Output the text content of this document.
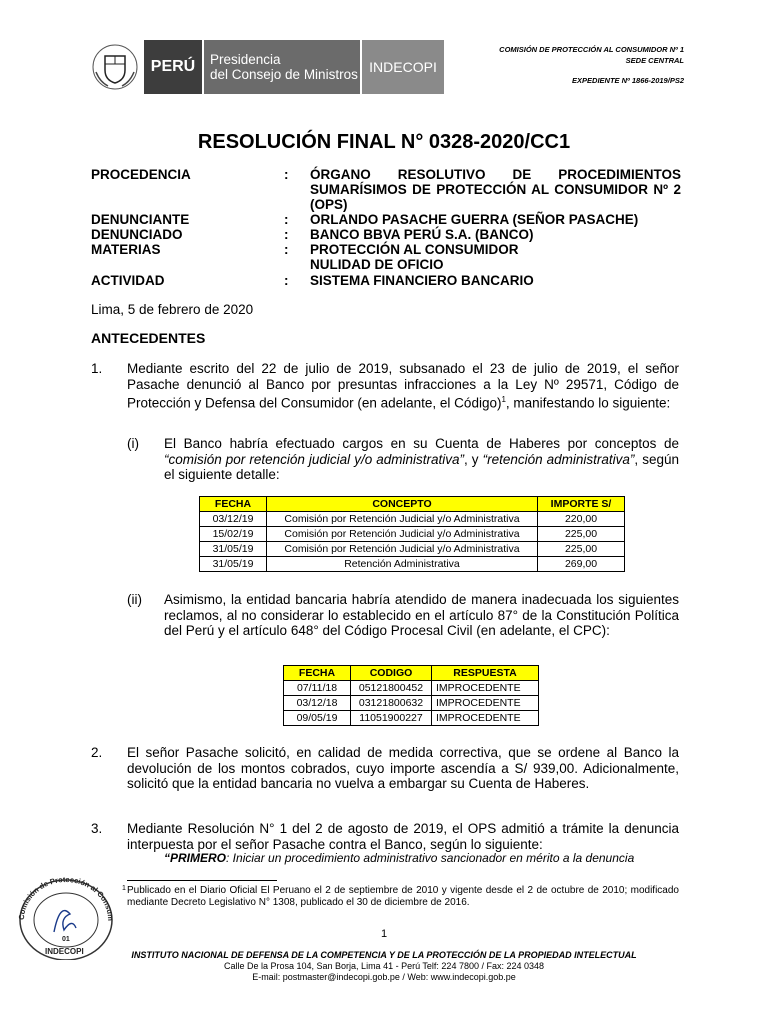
PERÚ	Presidencia
del Consejo de Ministros INDECOPI
COMISIÓN DE PROTECCIÓN AL CONSUMIDOR Nº 1
SEDE CENTRAL
EXPEDIENTE Nº 1866-2019/PS2
RESOLUCIÓN FINAL N° 0328-2020/CC1
PROCEDENCIA	:	ÓRGANO RESOLUTIVO DE PROCEDIMIENTOS SUMARÍSIMOS DE PROTECCIÓN AL CONSUMIDOR Nº 2 (OPS)
DENUNCIANTE	:	ORLANDO PASACHE GUERRA (SEÑOR PASACHE)
DENUNCIADO	:	BANCO BBVA PERÚ S.A. (BANCO)
MATERIAS	:	PROTECCIÓN AL CONSUMIDOR
NULIDAD DE OFICIO
ACTIVIDAD	:	SISTEMA FINANCIERO BANCARIO
Lima, 5 de febrero de 2020
ANTECEDENTES
1. Mediante escrito del 22 de julio de 2019, subsanado el 23 de julio de 2019, el señor Pasache denunció al Banco por presuntas infracciones a la Ley Nº 29571, Código de Protección y Defensa del Consumidor (en adelante, el Código)$^1$, manifestando lo siguiente:
(i) El Banco habría efectuado cargos en su Cuenta de Haberes por conceptos de “comisión por retención judicial y/o administrativa”, y “retención administrativa”, según el siguiente detalle:
FECHA	CONCEPTO	IMPORTE S/
03/12/19	Comisión por Retención Judicial y/o Administrativa	220,00
15/02/19	Comisión por Retención Judicial y/o Administrativa	225,00
31/05/19	Comisión por Retención Judicial y/o Administrativa	225,00
31/05/19	Retención Administrativa	269,00
(ii) Asimismo, la entidad bancaria habría atendido de manera inadecuada los siguientes reclamos, al no considerar lo establecido en el artículo 87° de la Constitución Política del Perú y el artículo 648° del Código Procesal Civil (en adelante, el CPC):
FECHA	CODIGO	RESPUESTA
07/11/18	05121800452	IMPROCEDENTE
03/12/18	03121800632	IMPROCEDENTE
09/05/19	11051900227	IMPROCEDENTE
2. El señor Pasache solicitó, en calidad de medida correctiva, que se ordene al Banco la devolución de los montos cobrados, cuyo importe ascendía a S/ 939,00. Adicionalmente, solicitó que la entidad bancaria no vuelva a embargar su Cuenta de Haberes.
3. Mediante Resolución N° 1 del 2 de agosto de 2019, el OPS admitió a trámite la denuncia interpuesta por el señor Pasache contra el Banco, según lo siguiente:
“PRIMERO: Iniciar un procedimiento administrativo sancionador en mérito a la denuncia
1 Publicado en el Diario Oficial El Peruano el 2 de septiembre de 2010 y vigente desde el 2 de octubre de 2010; modificado mediante Decreto Legislativo N° 1308, publicado el 30 de diciembre de 2016.
1
Comisión de Protección al Consum
01
INDECOPI	INSTITUTO NACIONAL DE DEFENSA DE LA COMPETENCIA Y DE LA PROTECCIÓN DE LA PROPIEDAD INTELECTUAL
Calle De la Prosa 104, San Borja, Lima 41 - Perú Telf: 224 7800 / Fax: 224 0348
E-mail: postmaster@indecopi.gob.pe / Web: www.indecopi.gob.pe
